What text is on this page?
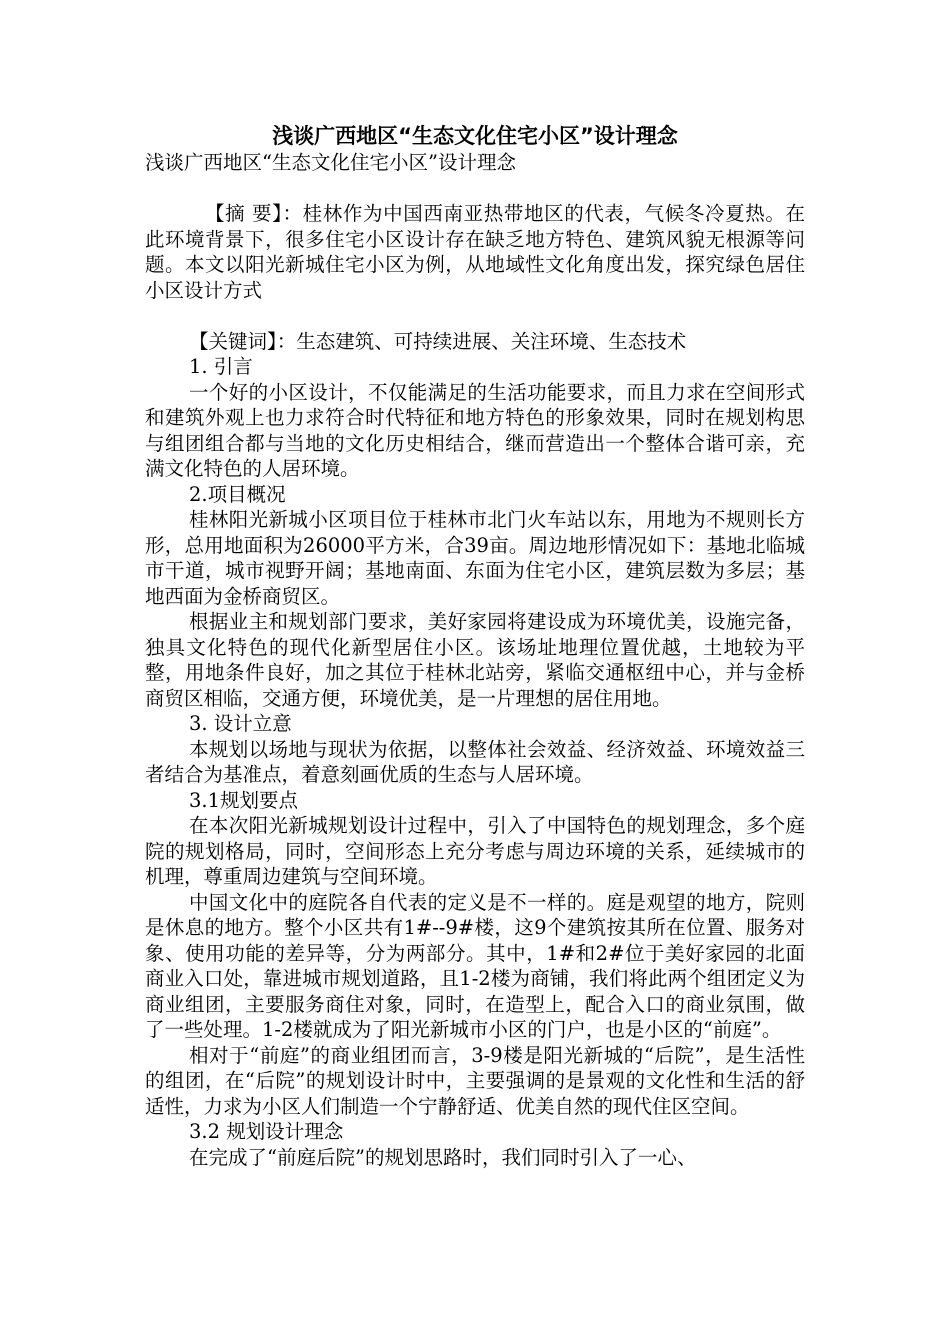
浅谈广西地区“生态文化住宅小区”设计理念

浅谈广西地区“生态文化住宅小区”设计理念

【摘 要】：桂林作为中国西南亚热带地区的代表，气候冬冷夏热。在此环境背景下，很多住宅小区设计存在缺乏地方特色、建筑风貌无根源等问题。本文以阳光新城住宅小区为例，从地域性文化角度出发，探究绿色居住小区设计方式

【关键词】：生态建筑、可持续进展、关注环境、生态技术

1. 引言

一个好的小区设计，不仅能满足的生活功能要求，而且力求在空间形式和建筑外观上也力求符合时代特征和地方特色的形象效果，同时在规划构思与组团组合都与当地的文化历史相结合，继而营造出一个整体合谐可亲，充满文化特色的人居环境。

2.项目概况

桂林阳光新城小区项目位于桂林市北门火车站以东，用地为不规则长方形，总用地面积为26000平方米，合39亩。周边地形情况如下：基地北临城市干道，城市视野开阔；基地南面、东面为住宅小区，建筑层数为多层；基地西面为金桥商贸区。

根据业主和规划部门要求，美好家园将建设成为环境优美，设施完备，独具文化特色的现代化新型居住小区。该场址地理位置优越，土地较为平整，用地条件良好，加之其位于桂林北站旁，紧临交通枢纽中心，并与金桥商贸区相临，交通方便，环境优美，是一片理想的居住用地。

3. 设计立意

本规划以场地与现状为依据，以整体社会效益、经济效益、环境效益三者结合为基准点，着意刻画优质的生态与人居环境。

3.1规划要点

在本次阳光新城规划设计过程中，引入了中国特色的规划理念，多个庭院的规划格局，同时，空间形态上充分考虑与周边环境的关系，延续城市的机理，尊重周边建筑与空间环境。

中国文化中的庭院各自代表的定义是不一样的。庭是观望的地方，院则是休息的地方。整个小区共有1#--9#楼，这9个建筑按其所在位置、服务对象、使用功能的差异等，分为两部分。其中，1#和2#位于美好家园的北面商业入口处，靠进城市规划道路，且1-2楼为商铺，我们将此两个组团定义为商业组团，主要服务商住对象，同时，在造型上，配合入口的商业氛围，做了一些处理。1-2楼就成为了阳光新城市小区的门户，也是小区的“前庭”。

相对于“前庭”的商业组团而言，3-9楼是阳光新城的“后院”，是生活性的组团，在“后院”的规划设计时中，主要强调的是景观的文化性和生活的舒适性，力求为小区人们制造一个宁静舒适、优美自然的现代住区空间。

3.2 规划设计理念

在完成了“前庭后院”的规划思路时，我们同时引入了一心、
